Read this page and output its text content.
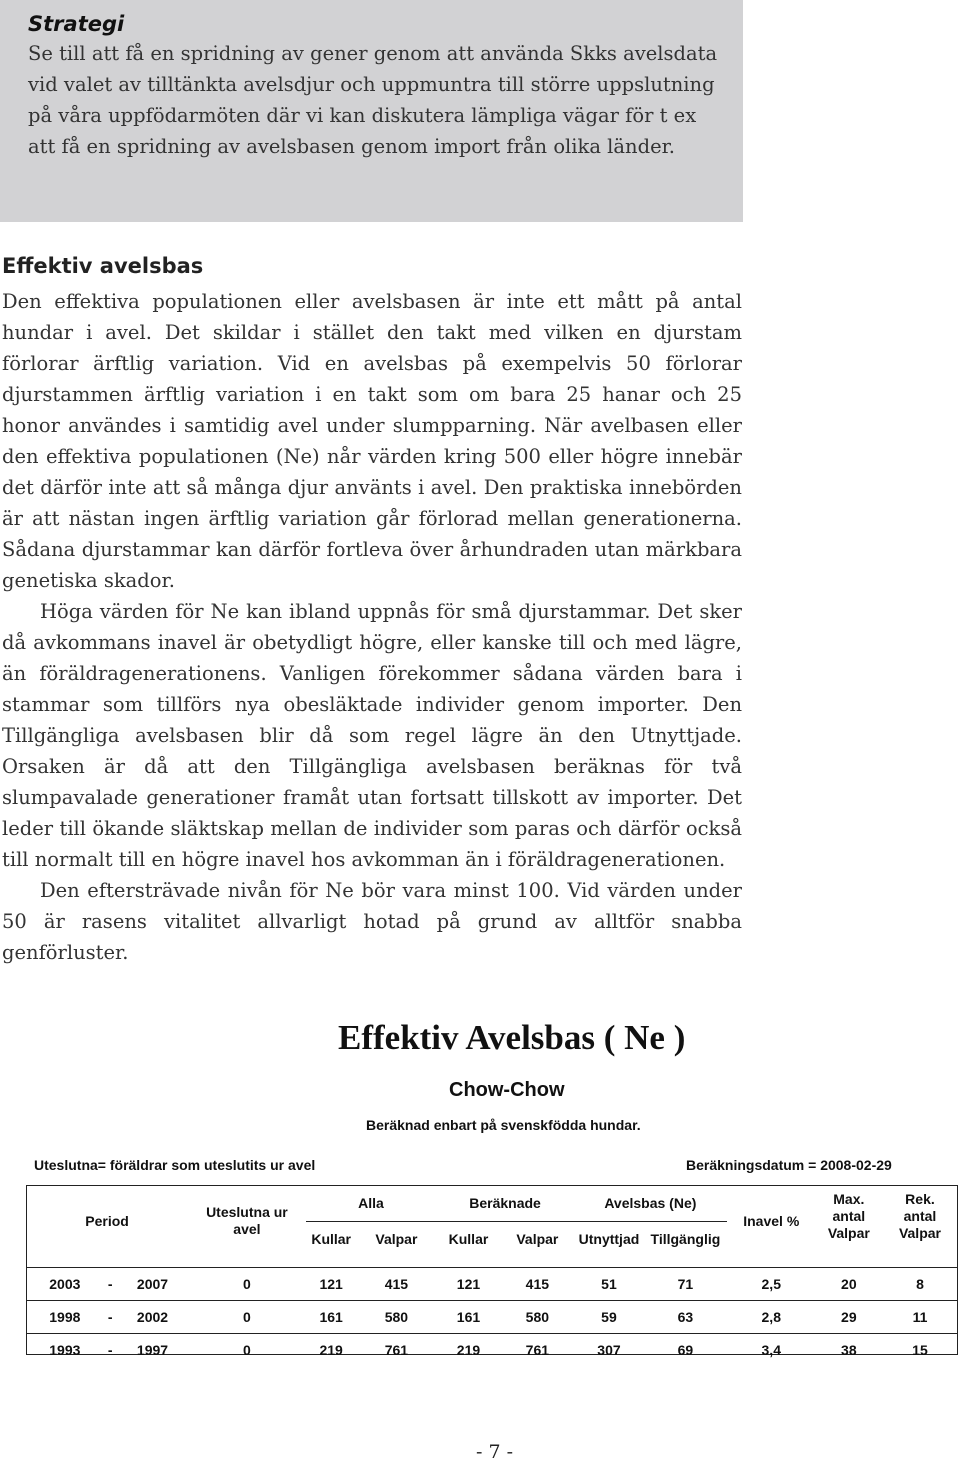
Strategi

Se till att få en spridning av gener genom att använda Skks avelsdata vid valet av tilltänkta avelsdjur och uppmuntra till större uppslutning på våra uppfödarmöten där vi kan diskutera lämpliga vägar för t ex att få en spridning av avelsbasen genom import från olika länder.

Effektiv avelsbas

Den effektiva populationen eller avelsbasen är inte ett mått på antal hundar i avel. Det skildar i stället den takt med vilken en djurstam förlorar ärftlig variation. Vid en avelsbas på exempelvis 50 förlorar djurstammen ärftlig variation i en takt som om bara 25 hanar och 25 honor användes i samtidig avel under slumpparning. När avelbasen eller den effektiva populationen (Ne) når värden kring 500 eller högre innebär det därför inte att så många djur använts i avel. Den praktiska innebörden är att nästan ingen ärftlig variation går förlorad mellan generationerna. Sådana djurstammar kan därför fortleva över århundraden utan märkbara genetiska skador.

Höga värden för Ne kan ibland uppnås för små djurstammar. Det sker då avkommans inavel är obetydligt högre, eller kanske till och med lägre, än föräldragenerationens. Vanligen förekommer sådana värden bara i stammar som tillförs nya obesläktade individer genom importer. Den Tillgängliga avelsbasen blir då som regel lägre än den Utnyttjade. Orsaken är då att den Tillgängliga avelsbasen beräknas för två slumpavalade generationer framåt utan fortsatt tillskott av importer. Det leder till ökande släktskap mellan de individer som paras och därför också till normalt till en högre inavel hos avkomman än i föräldragenerationen.

Den eftersträvade nivån för Ne bör vara minst 100. Vid värden under 50 är rasens vitalitet allvarligt hotad på grund av alltför snabba genförluster.

Effektiv Avelsbas ( Ne )
Chow-Chow
Beräknad enbart på svenskfödda hundar.
Uteslutna= föräldrar som uteslutits ur avel	Beräkningsdatum = 2008-02-29
Period			Uteslutna ur avel	Alla		Beräknade		Avelsbas (Ne)		Inavel %	Max. antal Valpar	Rek. antal Valpar
				Kullar	Valpar	Kullar	Valpar	Utnyttjad	Tillgänglig			

2003	-	2007	0	121	415	121	415	51	71	2,5	20	8
1998	-	2002	0	161	580	161	580	59	63	2,8	29	11
1993	-	1997	0	219	761	219	761	307	69	3,4	38	15
- 7 -
